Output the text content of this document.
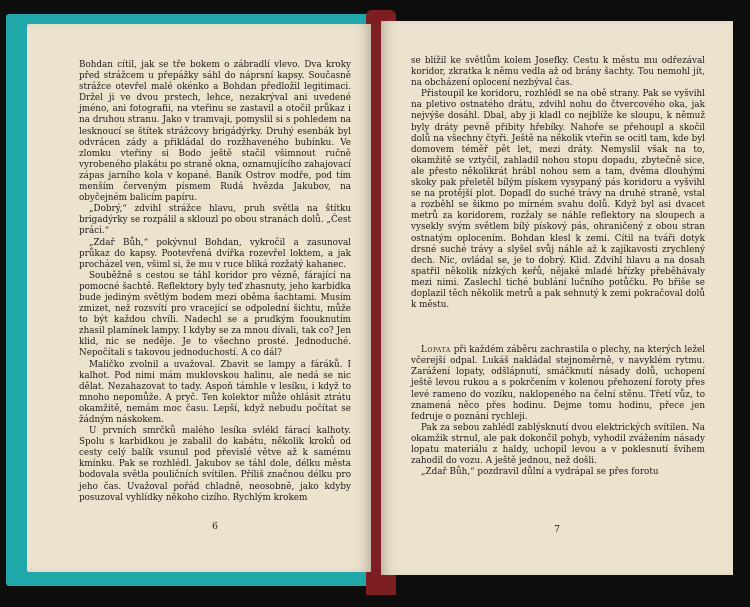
Bohdan cítil, jak se tře bokem o zábradlí vlevo. Dva kroky před strážcem u přepážky sáhl do náprsní kapsy. Současně strážce otevřel malé okénko a Bohdan předložil legitimaci. Držel ji ve dvou prstech, lehce, nezakrýval ani uvedené jméno, ani fotografii, na vteřinu se zastavil a otočil průkaz i na druhou stranu. Jako v tramvaji, pomyslil si s pohledem na lesknoucí se štítek strážcovy brigádýrky. Druhý esenbák byl odvrácen zády a přikládal do rozžhaveného bubínku. Ve zlomku vteřiny si Bodo ještě stačil všimnout ručně vyrobeného plakátu po straně okna, oznamujícího zahajovací zápas jarního kola v kopané. Baník Ostrov modře, pod tím menším červeným písmem Rudá hvězda Jakubov, na obyčejném balicím papíru.

„Dobrý,“ zdvihl strážce hlavu, pruh světla na štítku brigadýrky se rozpálil a sklouzl po obou stranách dolů. „Čest práci.“

„Zdař Bůh,“ pokývnul Bohdan, vykročil a zasunoval průkaz do kapsy. Pootevřená dvířka rozevřel loktem, a jak procházel ven, všiml si, že mu v ruce bliká rozžatý kahanec.

Souběžně s cestou se táhl koridor pro vězně, fárající na pomocné šachtě. Reflektory byly teď zhasnuty, jeho karbidka bude jediným světlým bodem mezi oběma šachtami. Musím zmizet, než rozsvítí pro vracející se odpolední šichtu, může to být každou chvíli. Nadechl se a prudkým foouknutím zhasil plamínek lampy. I kdyby se za mnou dívali, tak co? Jen klid, nic se neděje. Je to všechno prosté. Jednoduché. Nepočítali s takovou jednoduchostí. A co dál?

Maličko zvolnil a uvažoval. Zbavit se lampy a fáráků. I kalhot. Pod nimi mám muklovskou halinu, ale nedá se nic dělat. Nezahazovat to tady. Aspoň támhle v lesíku, i když to mnoho nepomůže. A pryč. Ten kolektor může ohlásit ztrátu okamžitě, nemám moc času. Lepší, když nebudu počítat se žádným náskokem.

U prvních smrčků malého lesíka svlékl fárací kalhoty. Spolu s karbidkou je zabalil do kabátu, několik kroků od cesty celý balík vsunul pod převislé větve až k samému kmínku. Pak se rozhlédl. Jakubov se táhl dole, délku města bodovala světla pouličních svítilen. Příliš značnou délku pro jeho čas. Uvažoval pořád chladně, neosobně, jako kdyby posuzoval vyhlídky někoho cizího. Rychlým krokem

6

se blížil ke světlům kolem Josefky. Cestu k městu mu odřezával koridor, zkratka k němu vedla až od brány šachty. Tou nemohl jít, na obcházení oplocení nezbýval čas.

Přistoupil ke koridoru, rozhlédl se na obě strany. Pak se vyšvihl na pletivo ostnatého drátu, zdvihl nohu do čtvercového oka, jak nejvýše dosáhl. Dbal, aby ji kladl co nejblíže ke sloupu, k němuž byly dráty pevně přibity hřebíky. Nahoře se přehoupl a skočil dolů na všechny čtyři. Ještě na několik vteřin se ocitl tam, kde byl domovem téměř pět let, mezi dráty. Nemyslil však na to, okamžitě se vztyčil, zahladil nohou stopu dopadu, zbytečně sice, ale přesto několikrát hrábl nohou sem a tam, dvěma dlouhými skoky pak přeletěl bílým pískem vysypaný pás koridoru a vyšvihl se na protější plot. Dopadl do suché trávy na druhé straně, vstal a rozběhl se šikmo po mírném svahu dolů. Když byl asi dvacet metrů za koridorem, rozžaly se náhle reflektory na sloupech a vysekly svým světlem bílý pískový pás, ohraničený z obou stran ostnatým oplocením. Bohdan klesl k zemi. Cítil na tváři dotyk drsné suché trávy a slyšel svůj náhle až k zajíkavosti zrychlený dech. Nic, ovládal se, je to dobrý. Klid. Zdvihl hlavu a na dosah spatřil několik nízkých keřů, nějaké mladé břízky přeběhávaly mezi nimi. Zaslechl tiché bublání lučního potůčku. Po břiše se doplazil těch několik metrů a pak sehnutý k zemi pokračoval dolů k městu.

Lopata při každém záběru zachrastila o plechy, na kterých ležel včerejší odpal. Lukáš nakládal stejnoměrně, v navyklém rytmu. Zarážení lopaty, odšlápnutí, smáčknutí násady dolů, uchopení ještě levou rukou a s pokrčením v kolenou přehození foroty přes levé rameno do vozíku, naklopeného na čelní stěnu. Třetí vůz, to znamená něco přes hodinu. Dejme tomu hodinu, přece jen fedruje o poznání rychleji.

Pak za sebou zahlédl zablýsknutí dvou elektrických svítilen. Na okamžik strnul, ale pak dokončil pohyb, vyhodil zvážením násady lopatu materiálu z haldy, uchopil levou a v poklesnutí švihem zahodil do vozu. A ještě jednou, než došli.

„Zdař Bůh,“ pozdravil důlní a vydrápal se přes forotu

7
